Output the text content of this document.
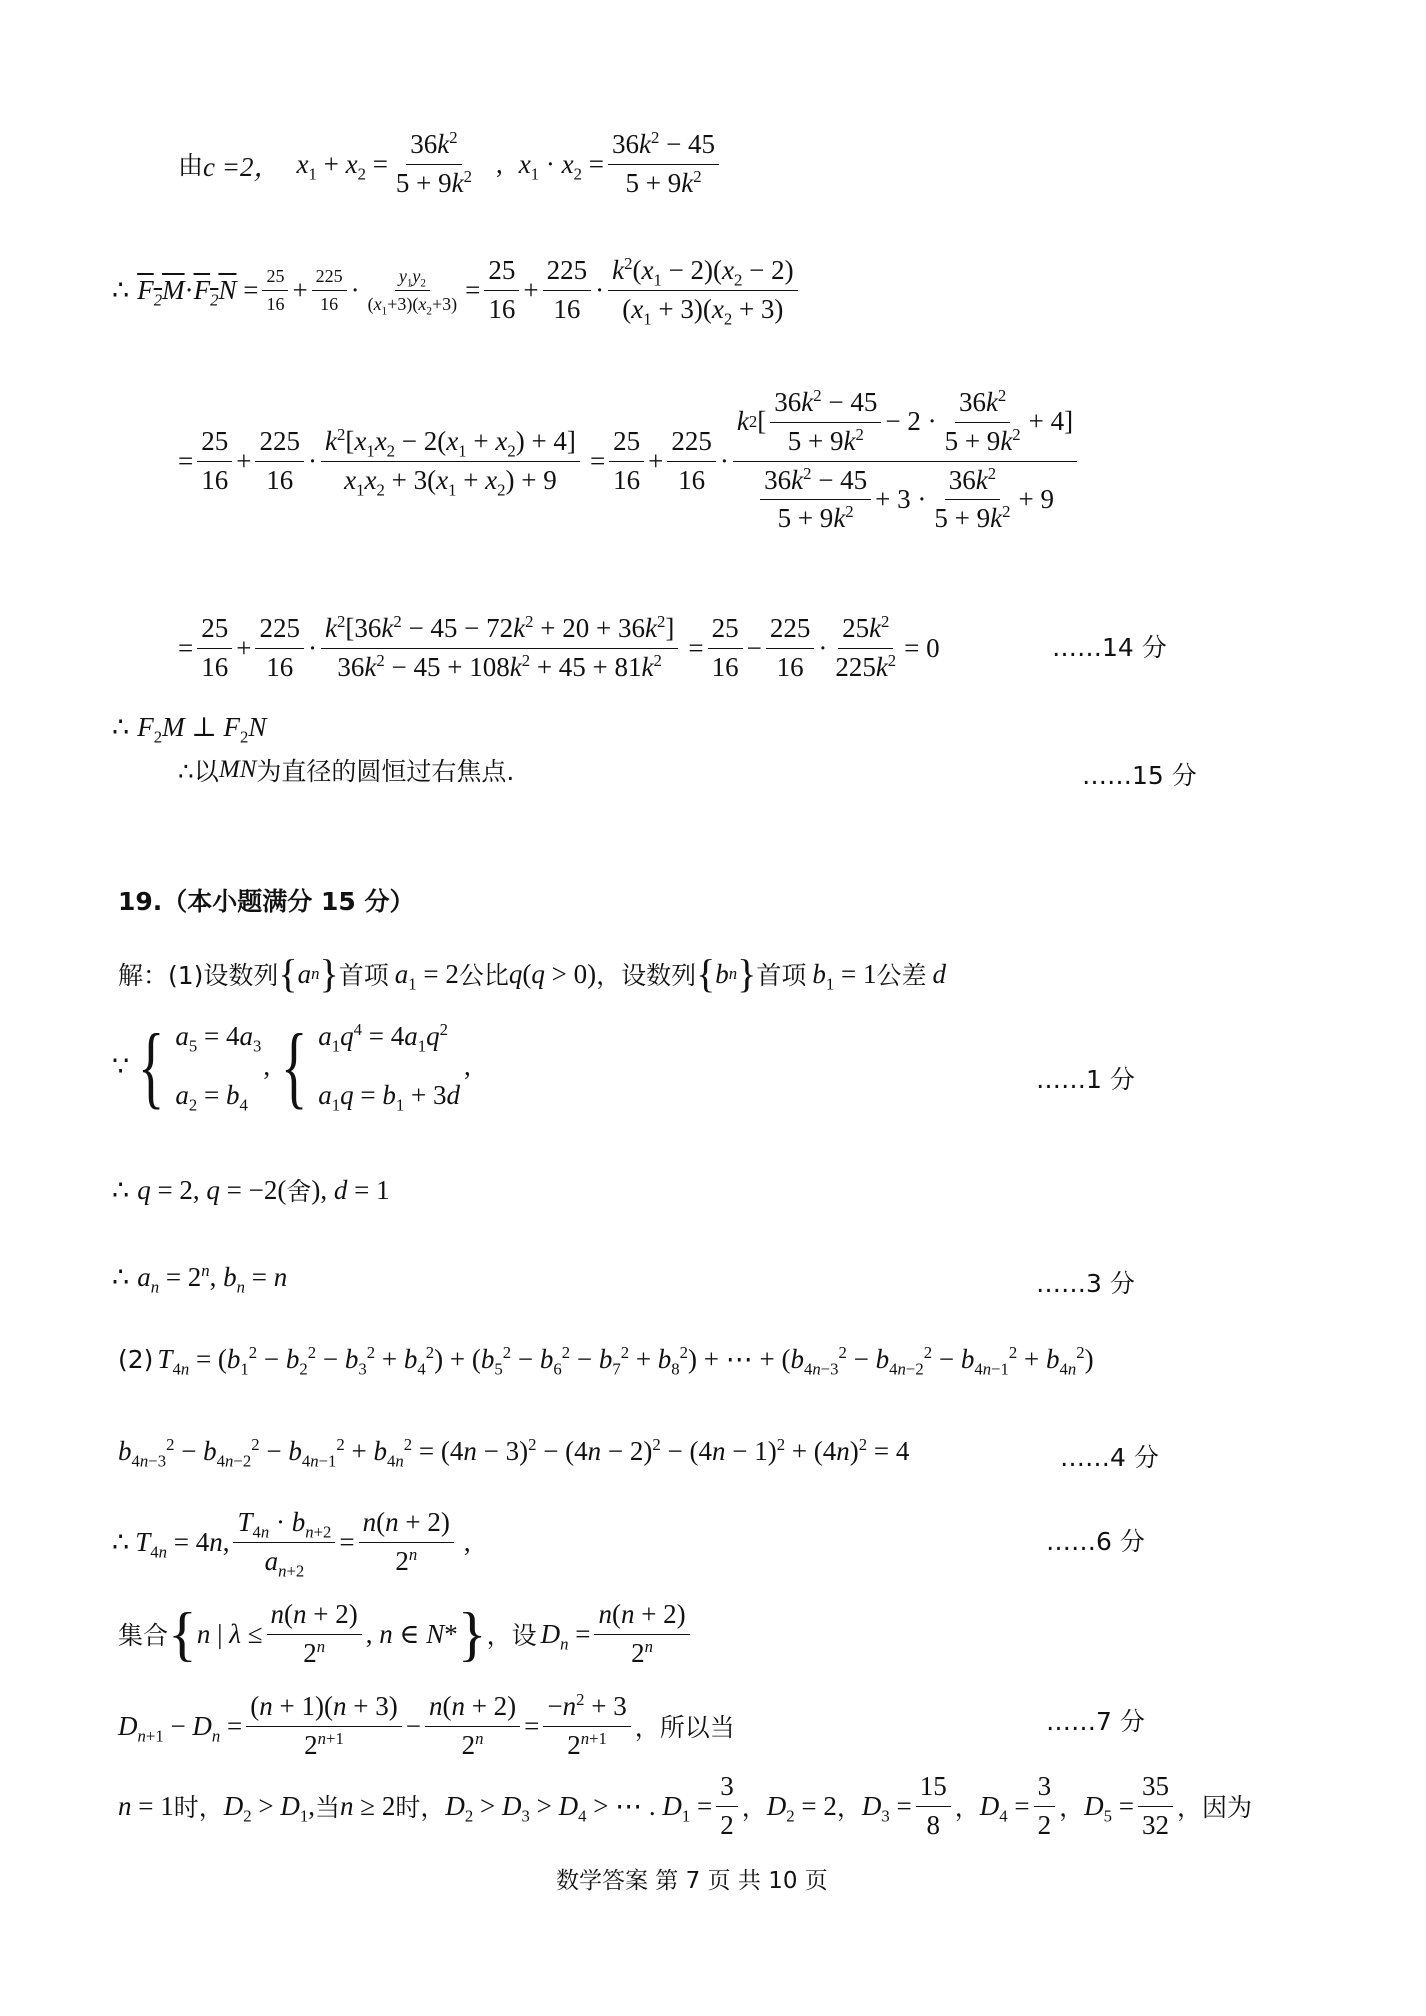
由 c =2， $x_1 + x_2 = \frac{36k^2}{5 + 9k^2}$ , $x_1 \cdot x_2 = \frac{36k^2 - 45}{5 + 9k^2}$
∴ $F_2M\cdot F_2N = \frac{25}{16} + \frac{225}{16} \cdot \frac{y_1y_2}{(x_1+3)(x_2+3)} = \frac{25}{16} + \frac{225}{16} \cdot \frac{k^2(x_1 - 2)(x_2 - 2)}{(x_1 + 3)(x_2 + 3)}$
= $\frac{25}{16} + \frac{225}{16} \cdot \frac{k^2[x_1x_2 - 2(x_1 + x_2) + 4]}{x_1x_2 + 3(x_1 + x_2) + 9} = \frac{25}{16} + \frac{225}{16} \cdot \frac{k 2 [ \frac{36k^2 - 45}{5 + 9k^2} - 2 \cdot \frac{36k^2}{5 + 9k^2} + 4]}{\frac{36k^2 - 45}{5 + 9k^2} + 3 \cdot \frac{36k^2}{5 + 9k^2} + 9}$
= $\frac{25}{16} + \frac{225}{16} \cdot \frac{k^2[36k^2 - 45 - 72k^2 + 20 + 36k^2]}{36k^2 - 45 + 108k^2 + 45 + 81k^2} = \frac{25}{16} - \frac{225}{16} \cdot \frac{25k^2}{225k^2} = 0$	……14 分
∴ $F_2M$ ⊥ $F_2N$
∴以 MN 为直径的圆恒过右焦点.	……15 分
19.（本小题满分 15 分）
解：(1)设数列 { a n } 首项 $a_1 = 2$ 公比 q(q > 0) ，设数列 { b n } 首项 $b_1 = 1$ 公差 d
∵ { $a_5 = 4a_3$
$a_2 = b_4$
, { $a_1q^4 = 4a_1q^2$
$a_1q = b_1 + 3d$
,	……1 分
∴ q = 2, q = −2( 舍 ), d = 1
∴ $a_n = 2^n$, $b_n = n$	……3 分
(2) $T_{4n} = (b_1^2 - b_2^2 - b_3^2 + b_4^2) + (b_5^2 - b_6^2 - b_7^2 + b_8^2)$ + ⋯ + $(b_{4n-3}^2 - b_{4n-2}^2 - b_{4n-1}^2 + b_{4n}^2)$
$b_{4n-3}^2 - b_{4n-2}^2 - b_{4n-1}^2 + b_{4n}^2 = (4n - 3)^2 - (4n - 2)^2 - (4n - 1)^2 + (4n)^2 = 4$	……4 分
∴ $T_{4n} = 4n$, $\frac{T_{4n} \cdot b_{n+2}}{a_{n+2}} = \frac{n(n + 2)}{2^n}$ ,	……6 分
集合 { n | $\lambda \le \frac{n(n + 2)}{2^n}$ , n ∈ N* } ，设 $D_n = \frac{n(n + 2)}{2^n}$
$D_{n+1} - D_n = \frac{(n + 1)(n + 3)}{2^{n+1}} - \frac{n(n + 2)}{2^n} = \frac{-n^2 + 3}{2^{n+1}}$ ，所以当	……7 分
n = 1 时， $D_2 > D_1$, 当 n ≥ 2 时， $D_2 > D_3 > D_4$ > ⋯ . $D_1 = \frac{3}{2}$ ， $D_2 = 2$ ， $D_3 = \frac{15}{8}$ ， $D_4 = \frac{3}{2}$ ， $D_5 = \frac{35}{32}$ ，因为
数学答案 第 7 页 共 10 页
